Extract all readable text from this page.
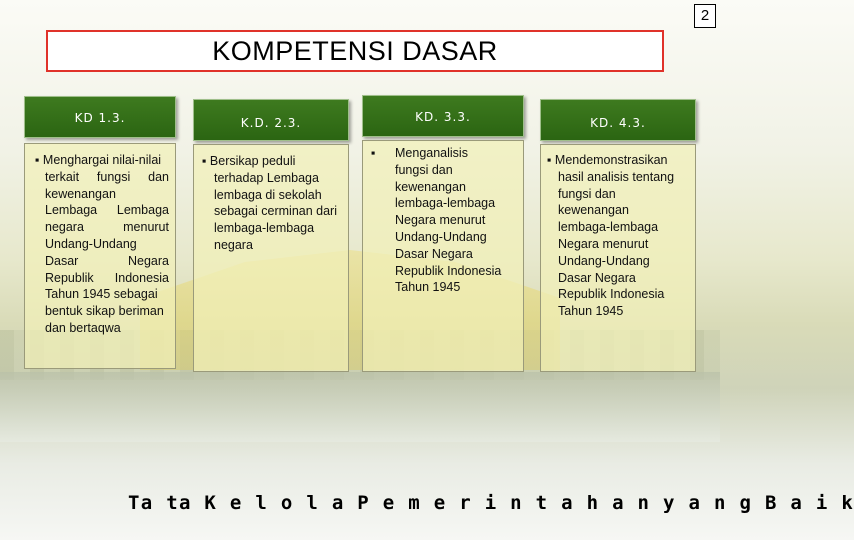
2
KOMPETENSI DASAR
KD 1.3.
▪ Menghargai nilai-nilai
terkait fungsi dan
kewenangan
Lembaga Lembaga
negara menurut
Undang-Undang
Dasar Negara
Republik Indonesia
Tahun 1945 sebagai
bentuk sikap beriman
dan bertaqwa
K.D. 2.3.
▪ Bersikap peduli
terhadap Lembaga
lembaga di sekolah
sebagai cerminan dari
lembaga-lembaga
negara
KD. 3.3.
▪	Menganalisis
fungsi dan
kewenangan
lembaga-lembaga
Negara menurut
Undang-Undang
Dasar Negara
Republik Indonesia
Tahun 1945
KD. 4.3.
▪ Mendemonstrasikan
hasil analisis tentang
fungsi dan
kewenangan
lembaga-lembaga
Negara menurut
Undang-Undang
Dasar Negara
Republik Indonesia
Tahun 1945
Ta ta K e l o l a P e m e r i n t a h a n y a n g B a i k
